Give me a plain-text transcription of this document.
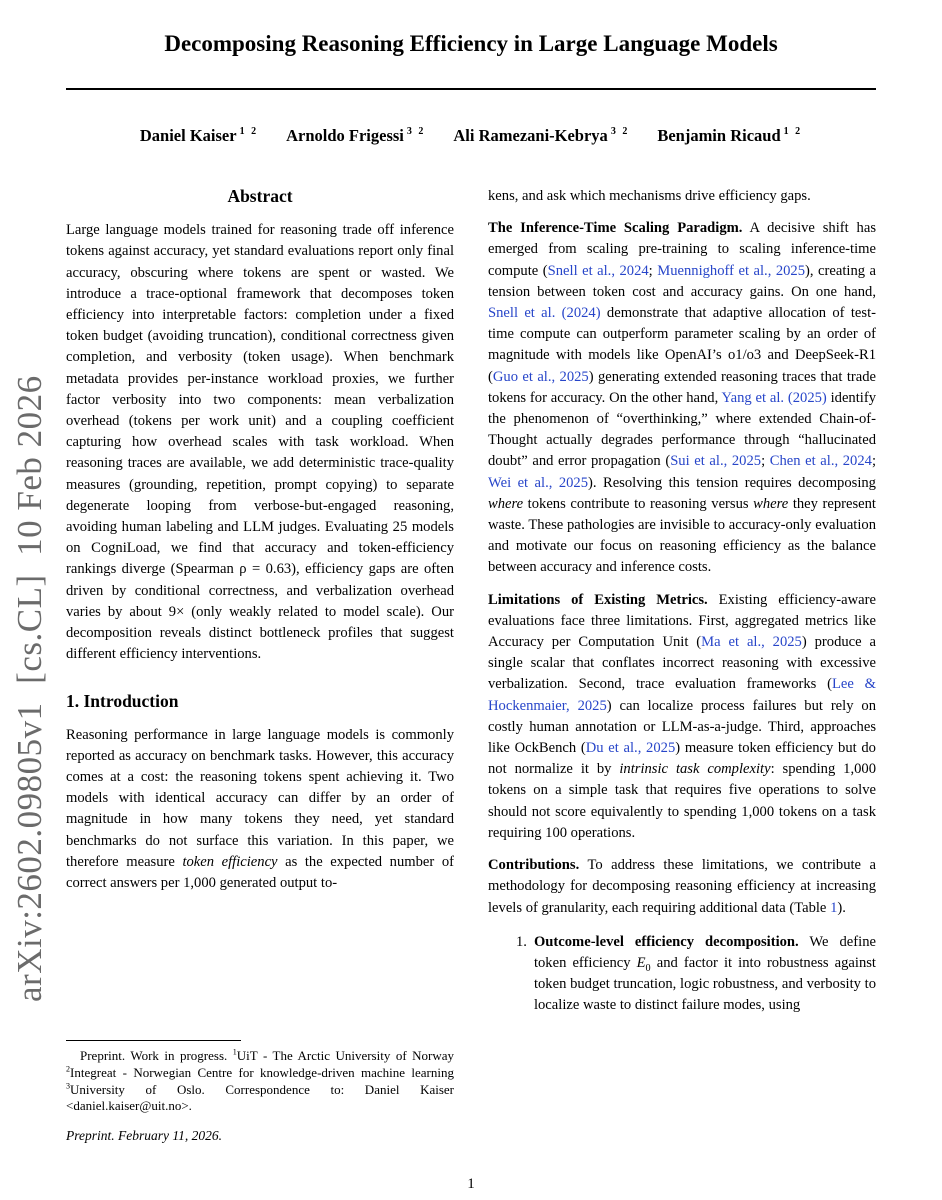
arXiv:2602.09805v1  [cs.CL]  10 Feb 2026
Decomposing Reasoning Efficiency in Large Language Models
Daniel Kaiser $^{1 2}$ Arnoldo Frigessi $^{3 2}$ Ali Ramezani-Kebrya $^{3 2}$ Benjamin Ricaud $^{1 2}$
Abstract
Large language models trained for reasoning trade off inference tokens against accuracy, yet standard evaluations report only final accuracy, obscuring where tokens are spent or wasted. We introduce a trace-optional framework that decomposes token efficiency into interpretable factors: completion under a fixed token budget (avoiding truncation), conditional correctness given completion, and verbosity (token usage). When benchmark metadata provides per-instance workload proxies, we further factor verbosity into two components: mean verbalization overhead (tokens per work unit) and a coupling coefficient capturing how overhead scales with task workload. When reasoning traces are available, we add deterministic trace-quality measures (grounding, repetition, prompt copying) to separate degenerate looping from verbose-but-engaged reasoning, avoiding human labeling and LLM judges. Evaluating 25 models on CogniLoad, we find that accuracy and token-efficiency rankings diverge (Spearman ρ = 0.63), efficiency gaps are often driven by conditional correctness, and verbalization overhead varies by about 9× (only weakly related to model scale). Our decomposition reveals distinct bottleneck profiles that suggest different efficiency interventions.
1. Introduction
Reasoning performance in large language models is commonly reported as accuracy on benchmark tasks. However, this accuracy comes at a cost: the reasoning tokens spent achieving it. Two models with identical accuracy can differ by an order of magnitude in how many tokens they need, yet standard benchmarks do not surface this variation. In this paper, we therefore measure token efficiency as the expected number of correct answers per 1,000 generated output to-
kens, and ask which mechanisms drive efficiency gaps.
The Inference-Time Scaling Paradigm. A decisive shift has emerged from scaling pre-training to scaling inference-time compute (Snell et al., 2024; Muennighoff et al., 2025), creating a tension between token cost and accuracy gains. On one hand, Snell et al. (2024) demonstrate that adaptive allocation of test-time compute can outperform parameter scaling by an order of magnitude with models like OpenAI’s o1/o3 and DeepSeek-R1 (Guo et al., 2025) generating extended reasoning traces that trade tokens for accuracy. On the other hand, Yang et al. (2025) identify the phenomenon of “overthinking,” where extended Chain-of-Thought actually degrades performance through “hallucinated doubt” and error propagation (Sui et al., 2025; Chen et al., 2024; Wei et al., 2025). Resolving this tension requires decomposing where tokens contribute to reasoning versus where they represent waste. These pathologies are invisible to accuracy-only evaluation and motivate our focus on reasoning efficiency as the balance between accuracy and inference costs.
Limitations of Existing Metrics. Existing efficiency-aware evaluations face three limitations. First, aggregated metrics like Accuracy per Computation Unit (Ma et al., 2025) produce a single scalar that conflates incorrect reasoning with excessive verbalization. Second, trace evaluation frameworks (Lee & Hockenmaier, 2025) can localize process failures but rely on costly human annotation or LLM-as-a-judge. Third, approaches like OckBench (Du et al., 2025) measure token efficiency but do not normalize it by intrinsic task complexity: spending 1,000 tokens on a simple task that requires five operations to solve should not score equivalently to spending 1,000 tokens on a task requiring 100 operations.
Contributions. To address these limitations, we contribute a methodology for decomposing reasoning efficiency at increasing levels of granularity, each requiring additional data (Table 1).
1. Outcome-level efficiency decomposition. We define token efficiency $E_0$ and factor it into robustness against token budget truncation, logic robustness, and verbosity to localize waste to distinct failure modes, using
Preprint. Work in progress. $^1$UiT - The Arctic University of Norway $^2$Integreat - Norwegian Centre for knowledge-driven machine learning $^3$University of Oslo. Correspondence to: Daniel Kaiser <daniel.kaiser@uit.no>.
Preprint. February 11, 2026.
1
